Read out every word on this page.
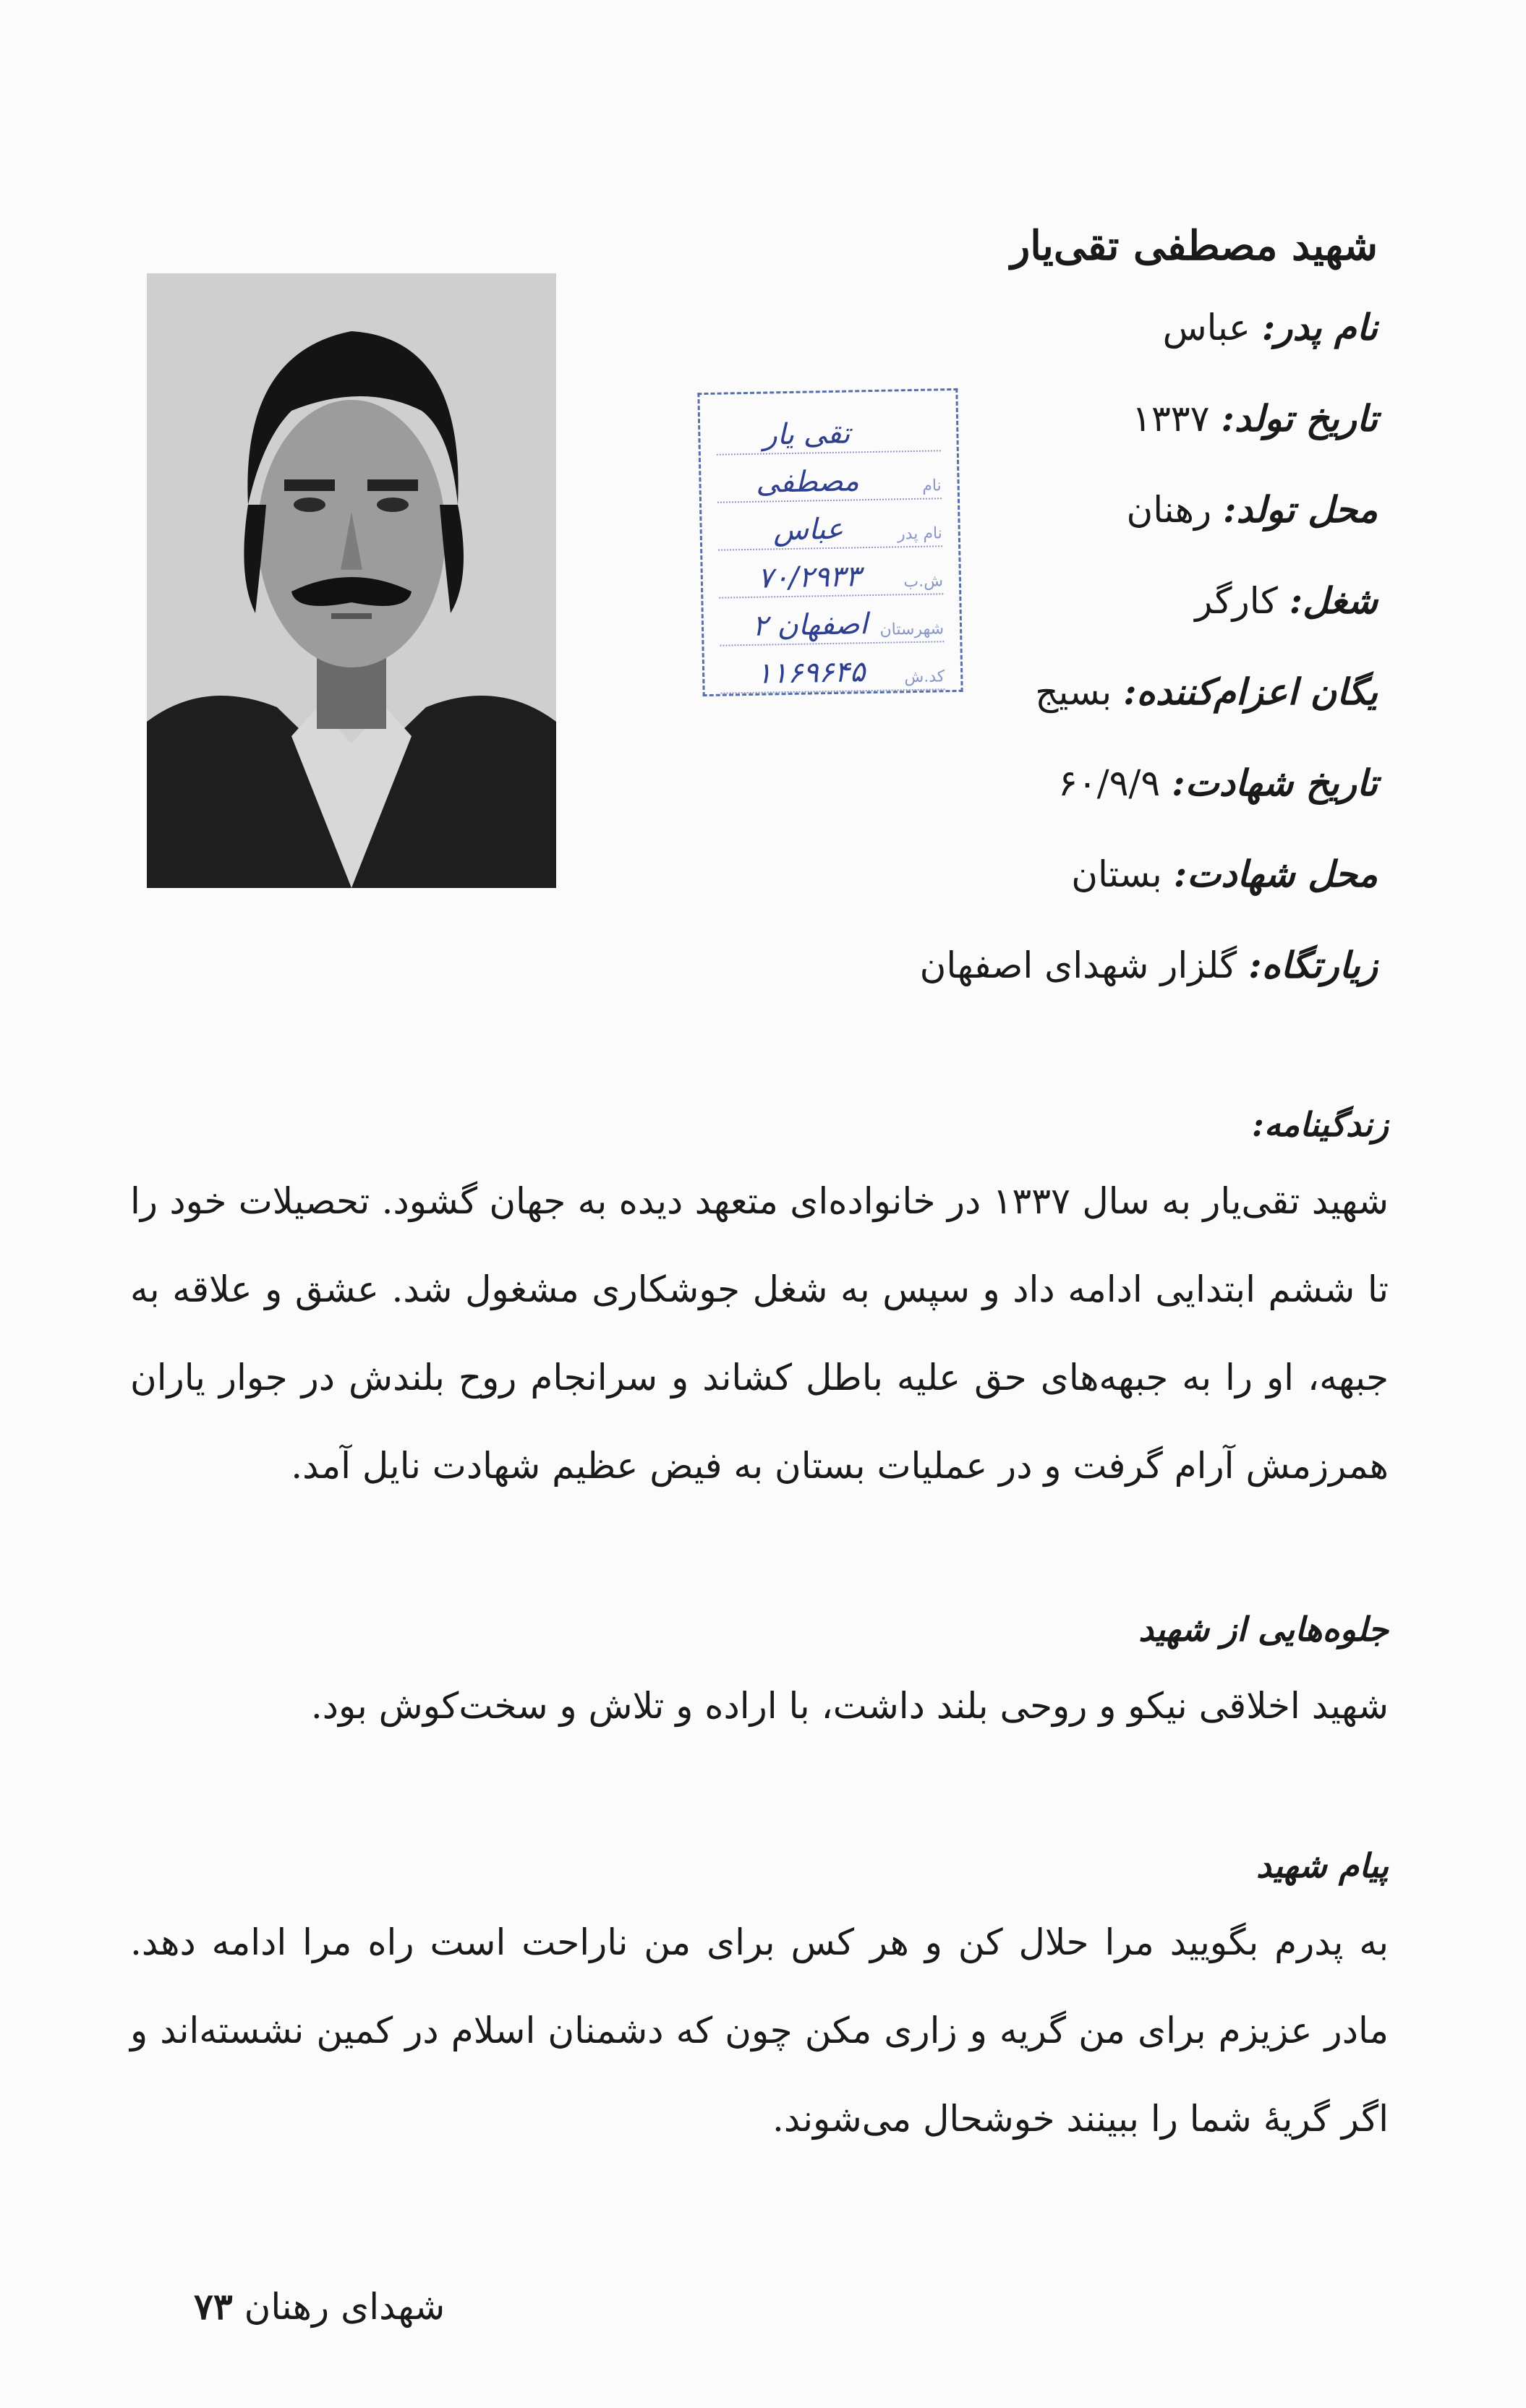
تقی یار
نام
مصطفی
نام پدر
عباس
ش.ب
۷۰/۲۹۳۳
شهرستان
اصفهان ۲
کد.ش
۱۱۶۹۶۴۵
شهید مصطفی تقی‌یار
نام پدر: عباس
تاریخ تولد: ۱۳۳۷
محل تولد: رهنان
شغل: کارگر
یگان اعزام‌کننده: بسیج
تاریخ شهادت: ۶۰/۹/۹
محل شهادت: بستان
زیارتگاه: گلزار شهدای اصفهان
زندگینامه:
شهید تقی‌یار به سال ۱۳۳۷ در خانواده‌ای متعهد دیده به جهان گشود. تحصیلات خود را تا ششم ابتدایی ادامه داد و سپس به شغل جوشکاری مشغول شد. عشق و علاقه به جبهه، او را به جبهه‌های حق علیه باطل کشاند و سرانجام روح بلندش در جوار یاران همرزمش آرام گرفت و در عملیات بستان به فیض عظیم شهادت نایل آمد.
جلوه‌هایی از شهید
شهید اخلاقی نیکو و روحی بلند داشت، با اراده و تلاش و سخت‌کوش بود.
پیام شهید
به پدرم بگویید مرا حلال کن و هر کس برای من ناراحت است راه مرا ادامه دهد. مادر عزیزم برای من گریه و زاری مکن چون که دشمنان اسلام در کمین نشسته‌اند و اگر گریهٔ شما را ببینند خوشحال می‌شوند.
شهدای رهنان ۷۳
